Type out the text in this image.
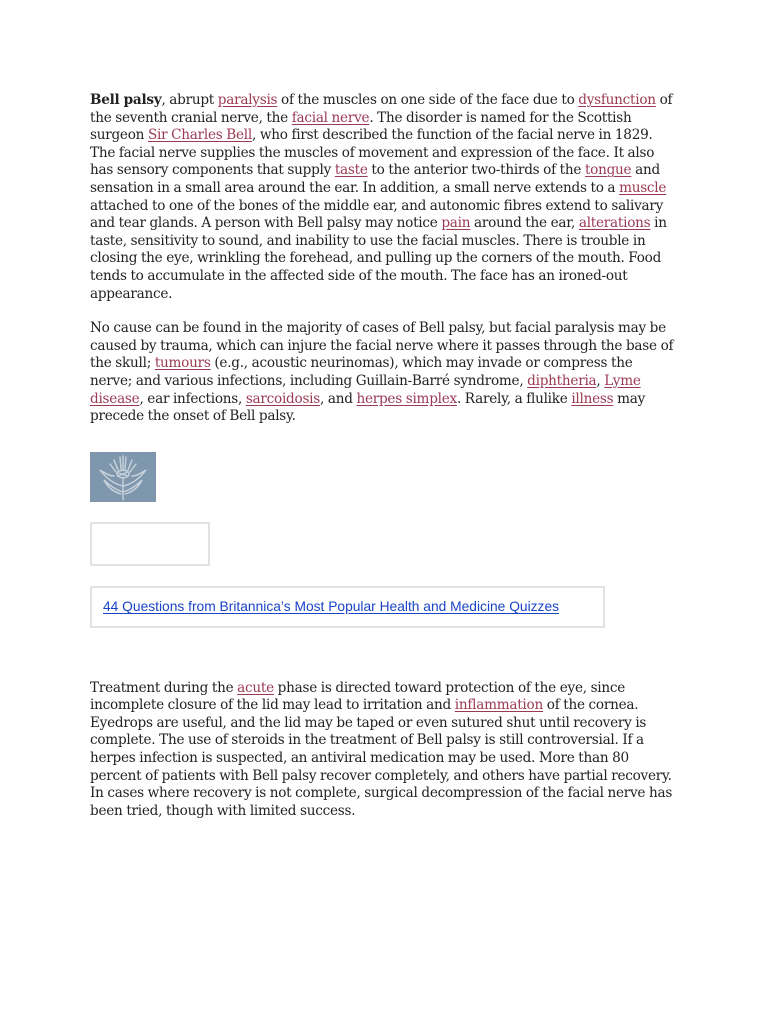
Bell palsy, abrupt paralysis of the muscles on one side of the face due to dysfunction of the seventh cranial nerve, the facial nerve. The disorder is named for the Scottish surgeon Sir Charles Bell, who first described the function of the facial nerve in 1829. The facial nerve supplies the muscles of movement and expression of the face. It also has sensory components that supply taste to the anterior two-thirds of the tongue and sensation in a small area around the ear. In addition, a small nerve extends to a muscle attached to one of the bones of the middle ear, and autonomic fibres extend to salivary and tear glands. A person with Bell palsy may notice pain around the ear, alterations in taste, sensitivity to sound, and inability to use the facial muscles. There is trouble in closing the eye, wrinkling the forehead, and pulling up the corners of the mouth. Food tends to accumulate in the affected side of the mouth. The face has an ironed-out appearance.

No cause can be found in the majority of cases of Bell palsy, but facial paralysis may be caused by trauma, which can injure the facial nerve where it passes through the base of the skull; tumours (e.g., acoustic neurinomas), which may invade or compress the nerve; and various infections, including Guillain-Barré syndrome, diphtheria, Lyme disease, ear infections, sarcoidosis, and herpes simplex. Rarely, a flulike illness may precede the onset of Bell palsy.

44 Questions from Britannica’s Most Popular Health and Medicine Quizzes

Treatment during the acute phase is directed toward protection of the eye, since incomplete closure of the lid may lead to irritation and inflammation of the cornea. Eyedrops are useful, and the lid may be taped or even sutured shut until recovery is complete. The use of steroids in the treatment of Bell palsy is still controversial. If a herpes infection is suspected, an antiviral medication may be used. More than 80 percent of patients with Bell palsy recover completely, and others have partial recovery. In cases where recovery is not complete, surgical decompression of the facial nerve has been tried, though with limited success.
